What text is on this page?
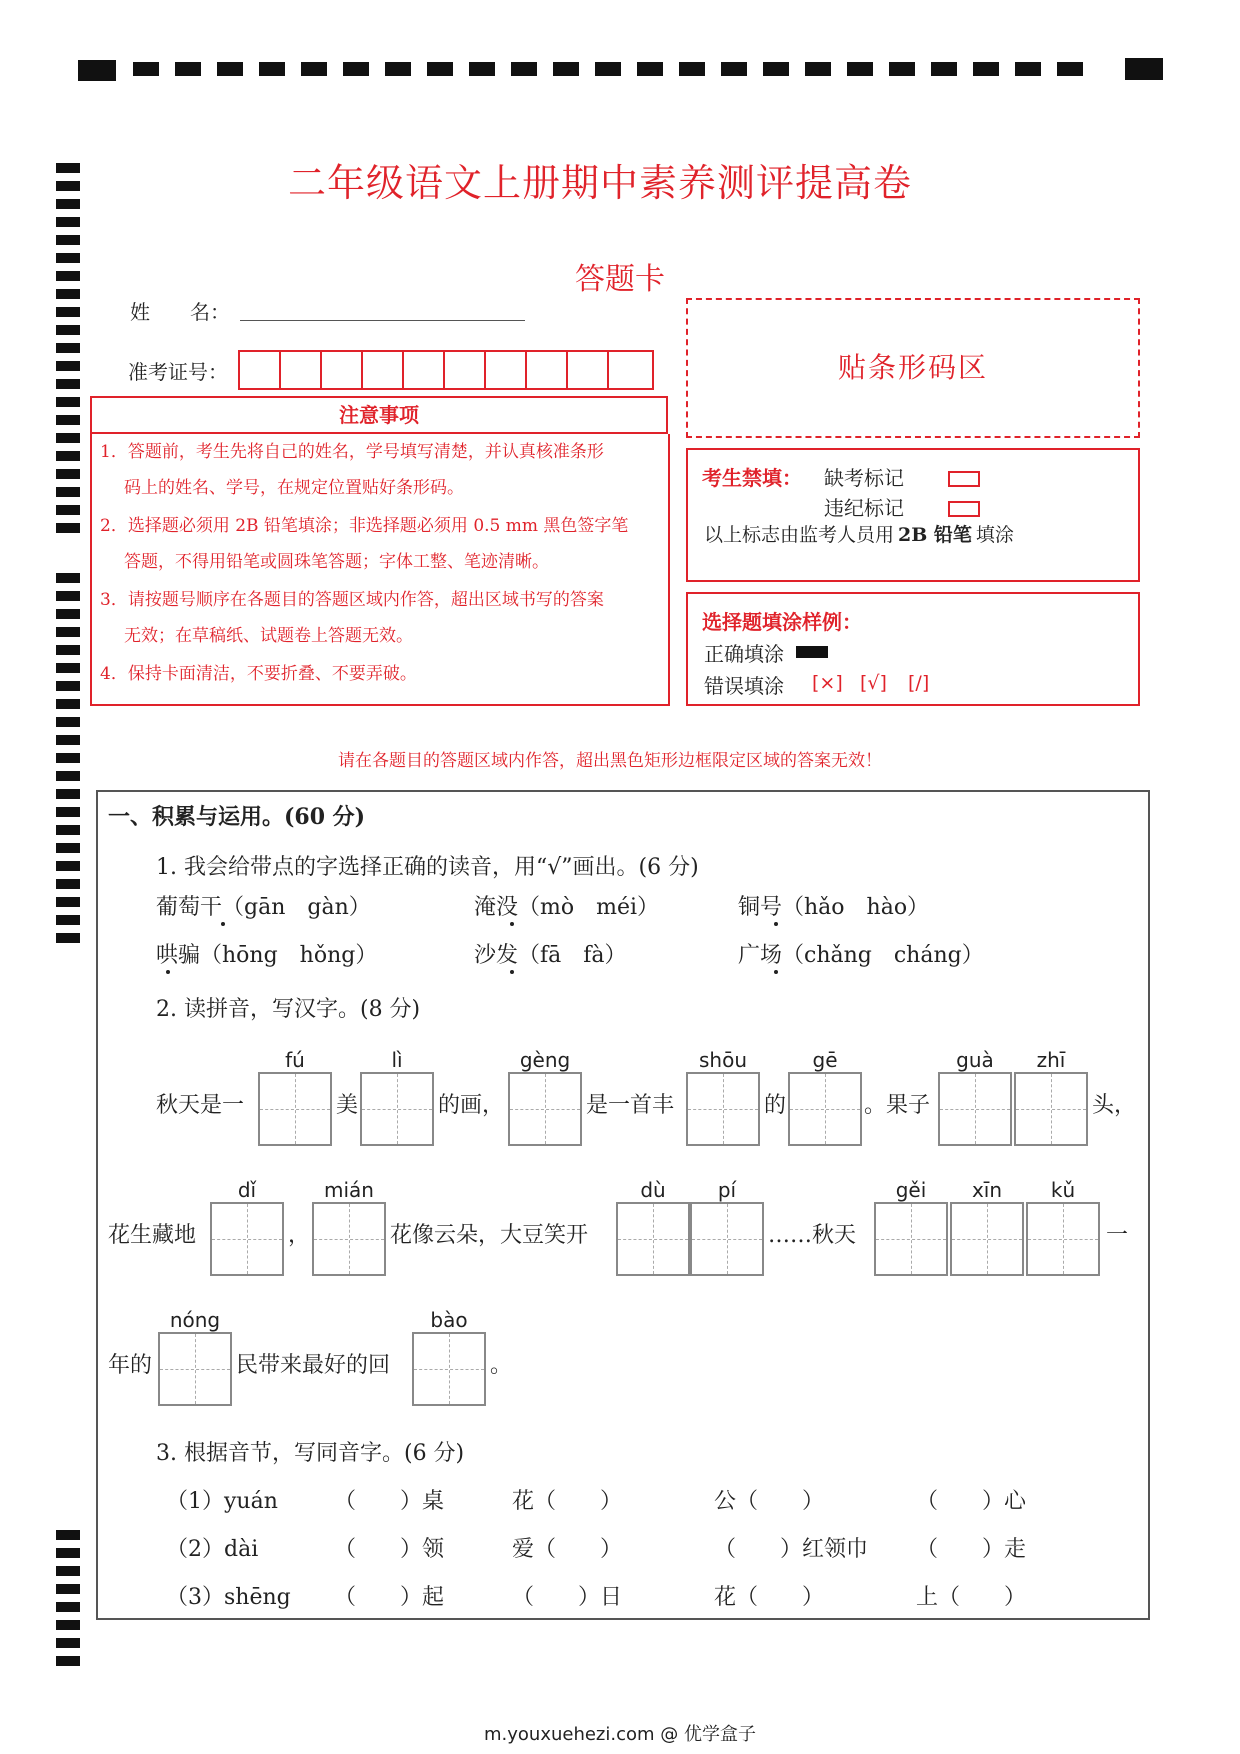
二年级语文上册期中素养测评提高卷
答题卡
姓　　名：
准考证号：	贴条形码区
注意事项
1．答题前，考生先将自己的姓名，学号填写清楚，并认真核准条形
码上的姓名、学号，在规定位置贴好条形码。
2．选择题必须用 2B 铅笔填涂；非选择题必须用 0.5 mm 黑色签字笔
答题，不得用铅笔或圆珠笔答题；字体工整、笔迹清晰。
3．请按题号顺序在各题目的答题区域内作答，超出区域书写的答案
无效；在草稿纸、试题卷上答题无效。
4．保持卡面清洁，不要折叠、不要弄破。
考生禁填： 缺考标记
违纪标记
以上标志由监考人员用 2B 铅笔 填涂
选择题填涂样例：
正确填涂
错误填涂 [×] [√] [/]
请在各题目的答题区域内作答，超出黑色矩形边框限定区域的答案无效！
一、积累与运用。(60 分)
1. 我会给带点的字选择正确的读音，用“√”画出。(6 分)
葡萄干（gān　gàn）	淹没（mò　méi）	铜号（hǎo　hào）
哄骗（hōng　hǒng）	沙发（fā　fà）	广场（chǎng　cháng）
2. 读拼音，写汉字。(8 分)
秋天是一
fú
美
lì
的画，
gèng
是一首丰
shōu
的
gē
。果子
guà	zhī
头，
花生藏地
dǐ
，
mián
花像云朵，大豆笑开
dù	pí
……秋天
gěi	xīn	kǔ
一
年的
nóng
民带来最好的回
bào
。
3. 根据音节，写同音字。(6 分)
（1）yuán	（　　）桌	花（　　）	公（　　）	（　　）心
（2）dài	（　　）领	爱（　　）	（　　）红领巾 （　　）走
（3）shēng （　　）起	（　　）日	花（　　）	上（　　）
m.youxuehezi.com @ 优学盒子
